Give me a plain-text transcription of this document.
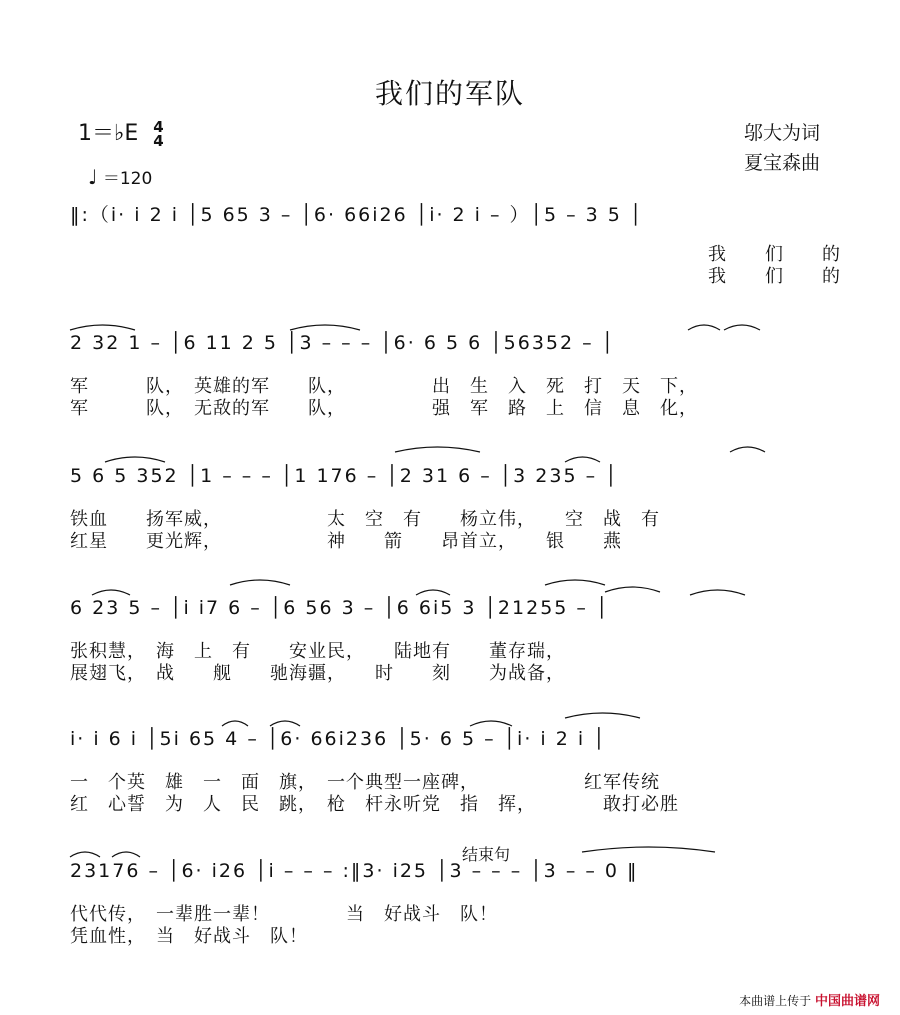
我们的军队
1＝♭E 4
4
♩ ＝120
邬大为词
夏宝森曲
‖:（i· i 2 i │5 65 3 – │6· 66i26 │i· 2 i – ）│5 – 3 5 │
我　　们　　的
我　　们　　的
2 32 1 – │6 11 2 5 │3 – – – │6· 6 5 6 │56352 – │
军　　　队，　英雄的军　　队，　　　　　出　生　入　死　打　天　下，
军　　　队，　无敌的军　　队，　　　　　强　军　路　上　信　息　化，
5 6 5 352 │1 – – – │1 176 – │2 31 6 – │3 235 – │
铁血　　扬军威，　　　　　　太　空　有　　杨立伟，　　空　战　有
红星　　更光辉，　　　　　　神　　箭　　昂首立，　　银　　燕
6 23 5 – │i i7 6 – │6 56 3 – │6 6i5 3 │21255 – │
张积慧，　海　上　有　　安业民，　　陆地有　　董存瑞，
展翅飞，　战　　舰　　驰海疆，　　时　　刻　　为战备，
i· i 6 i │5i 65 4 – │6· 66i236 │5· 6 5 – │i· i 2 i │
一　个英　雄　一　面　旗，　一个典型一座碑，　　　　　　红军传统
红　心誓　为　人　民　跳，　枪　杆永听党　指　挥，　　　　敢打必胜
23176 – │6· i26 │i – – – :‖3· i25 │3 – – – │3 – – 0 ‖
代代传，　一辈胜一辈！　　　　当　好战斗　队！
凭血性，　当　好战斗　队！
结束句
本曲谱上传于 中国曲谱网
